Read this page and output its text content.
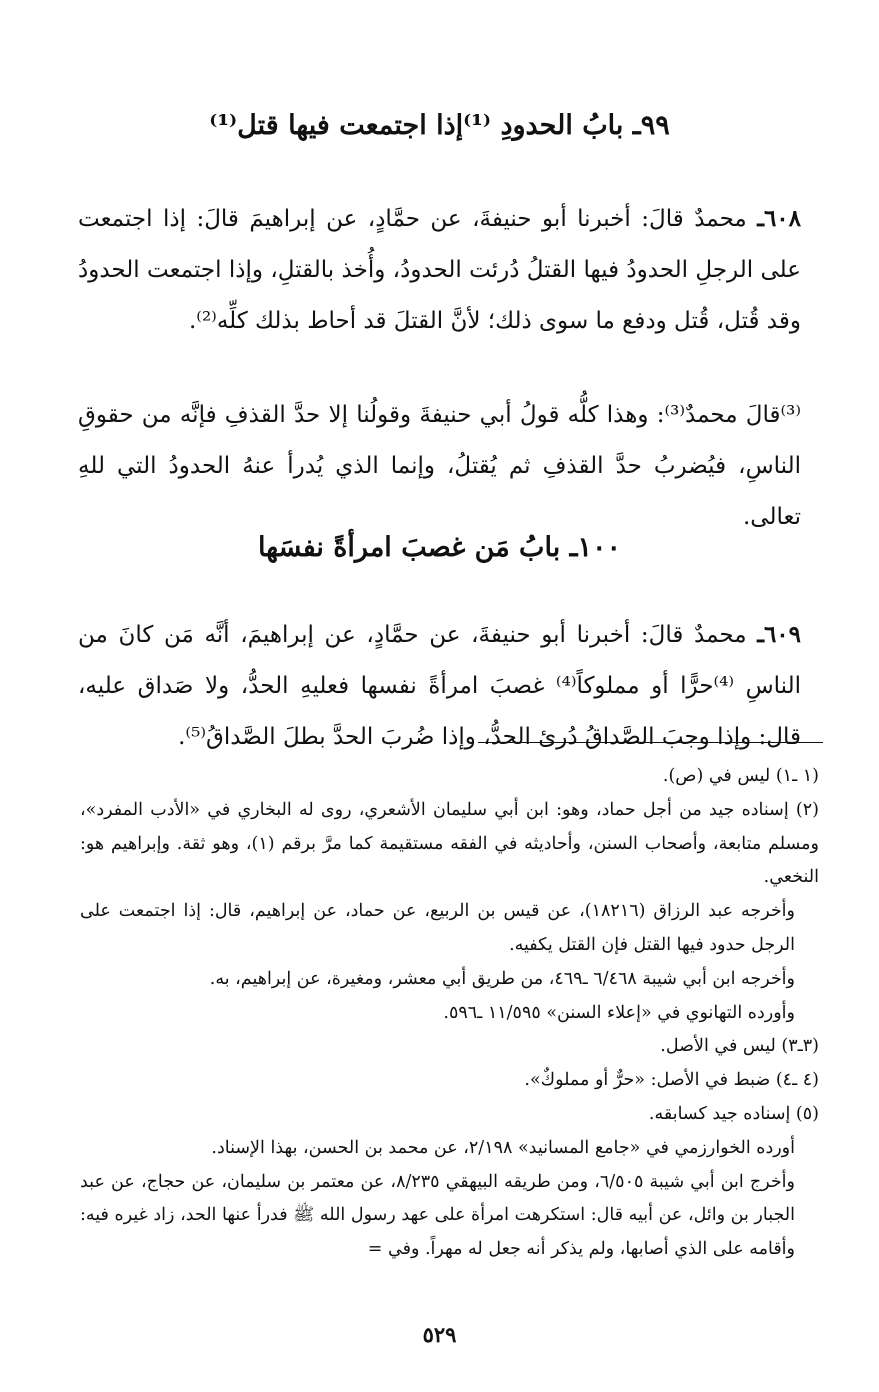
٩٩ـ بابُ الحدودِ ⁽¹⁾إذا اجتمعت فيها قتل⁽¹⁾

٦٠٨ـ محمدٌ قالَ: أخبرنا أبو حنيفةَ، عن حمَّادٍ، عن إبراهيمَ قالَ: إذا اجتمعت على الرجلِ الحدودُ فيها القتلُ دُرئت الحدودُ، وأُخذ بالقتلِ، وإذا اجتمعت الحدودُ وقد قُتل، قُتل ودفع ما سوى ذلك؛ لأنَّ القتلَ قد أحاط بذلك كلِّه⁽²⁾.

⁽³⁾قالَ محمدٌ⁽³⁾: وهذا كلُّه قولُ أبي حنيفةَ وقولُنا إلا حدَّ القذفِ فإنَّه من حقوقِ الناسِ، فيُضربُ حدَّ القذفِ ثم يُقتلُ، وإنما الذي يُدرأ عنهُ الحدودُ التي للهِ تعالى.

١٠٠ـ بابُ مَن غصبَ امرأةً نفسَها

٦٠٩ـ محمدٌ قالَ: أخبرنا أبو حنيفةَ، عن حمَّادٍ، عن إبراهيمَ، أنَّه مَن كانَ من الناسِ ⁽⁴⁾حرًّا أو مملوكاً⁽⁴⁾ غصبَ امرأةً نفسها فعليهِ الحدُّ، ولا صَداق عليه، قال: وإذا وجبَ الصَّداقُ دُرئ الحدُّ، وإذا ضُربَ الحدَّ بطلَ الصَّداقُ⁽⁵⁾.

(١ ـ١) ليس في (ص).

(٢) إسناده جيد من أجل حماد، وهو: ابن أبي سليمان الأشعري، روى له البخاري في «الأدب المفرد»، ومسلم متابعة، وأصحاب السنن، وأحاديثه في الفقه مستقيمة كما مرَّ برقم (١)، وهو ثقة. وإبراهيم هو: النخعي.

وأخرجه عبد الرزاق (١٨٢١٦)، عن قيس بن الربيع، عن حماد، عن إبراهيم، قال: إذا اجتمعت على الرجل حدود فيها القتل فإن القتل يكفيه.

وأخرجه ابن أبي شيبة ٦/٤٦٨ ـ٤٦٩، من طريق أبي معشر، ومغيرة، عن إبراهيم، به.

وأورده التهانوي في «إعلاء السنن» ١١/٥٩٥ ـ٥٩٦.

(٣ـ٣) ليس في الأصل.

(٤ ـ٤) ضبط في الأصل: «حرٌّ أو مملوكٌ».

(٥) إسناده جيد كسابقه.

أورده الخوارزمي في «جامع المسانيد» ٢/١٩٨، عن محمد بن الحسن، بهذا الإسناد.

وأخرج ابن أبي شيبة ٦/٥٠٥، ومن طريقه البيهقي ٨/٢٣٥، عن معتمر بن سليمان، عن حجاج، عن عبد الجبار بن وائل، عن أبيه قال: استكرهت امرأة على عهد رسول الله ﷺ فدرأ عنها الحد، زاد غيره فيه: وأقامه على الذي أصابها، ولم يذكر أنه جعل له مهراً. وفي =

٥٢٩
